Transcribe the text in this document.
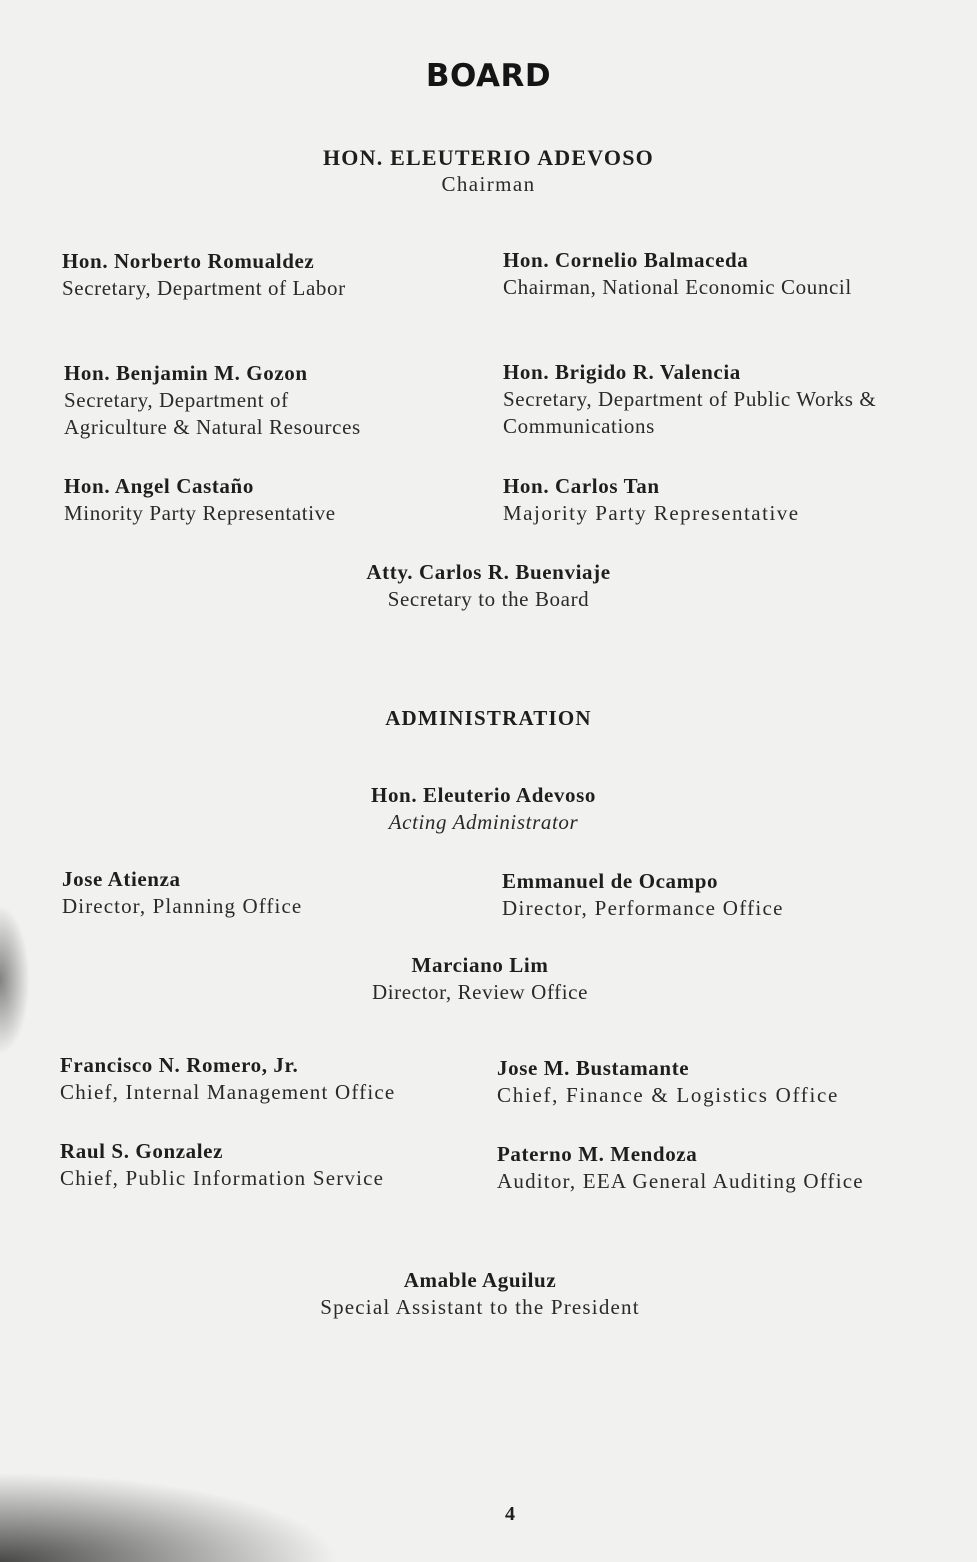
BOARD
HON. ELEUTERIO ADEVOSO
Chairman
Hon. Norberto Romualdez
Secretary, Department of Labor
Hon. Cornelio Balmaceda
Chairman, National Economic Council
Hon. Benjamin M. Gozon
Secretary, Department of Agriculture & Natural Resources
Hon. Brigido R. Valencia
Secretary, Department of Public Works & Communications
Hon. Angel Castaño
Minority Party Representative
Hon. Carlos Tan
Majority Party Representative
Atty. Carlos R. Buenviaje
Secretary to the Board
ADMINISTRATION
Hon. Eleuterio Adevoso
Acting Administrator
Jose Atienza
Director, Planning Office
Emmanuel de Ocampo
Director, Performance Office
Marciano Lim
Director, Review Office
Francisco N. Romero, Jr.
Chief, Internal Management Office
Jose M. Bustamante
Chief, Finance & Logistics Office
Raul S. Gonzalez
Chief, Public Information Service
Paterno M. Mendoza
Auditor, EEA General Auditing Office
Amable Aguiluz
Special Assistant to the President
4
